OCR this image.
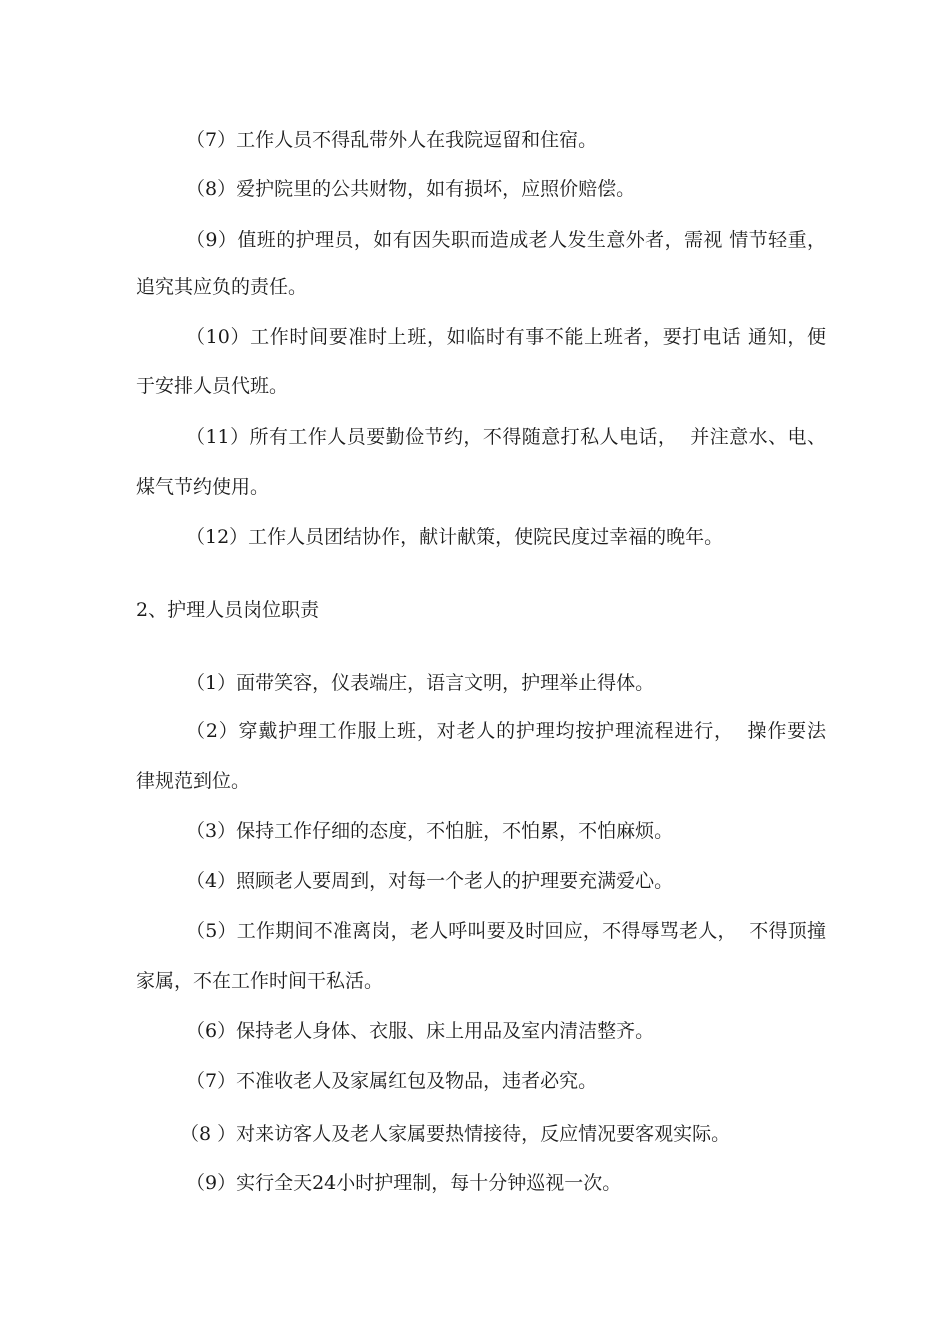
（7）工作人员不得乱带外人在我院逗留和住宿。
（8）爱护院里的公共财物，如有损坏，应照价赔偿。
（9）值班的护理员，如有因失职而造成老人发生意外者，需视 情节轻重，
追究其应负的责任。
（10）工作时间要准时上班，如临时有事不能上班者，要打电话 通知，便
于安排人员代班。
（11）所有工作人员要勤俭节约，不得随意打私人电话，  并注意水、电、
煤气节约使用。
（12）工作人员团结协作，献计献策，使院民度过幸福的晚年。
2、护理人员岗位职责
（1）面带笑容，仪表端庄，语言文明，护理举止得体。
（2）穿戴护理工作服上班，对老人的护理均按护理流程进行，  操作要法
律规范到位。
（3）保持工作仔细的态度，不怕脏，不怕累，不怕麻烦。
（4）照顾老人要周到，对每一个老人的护理要充满爱心。
（5）工作期间不准离岗，老人呼叫要及时回应，不得辱骂老人，  不得顶撞
家属，不在工作时间干私活。
（6）保持老人身体、衣服、床上用品及室内清洁整齐。
（7）不准收老人及家属红包及物品，违者必究。
（8 ）对来访客人及老人家属要热情接待，反应情况要客观实际。
（9）实行全天24小时护理制，每十分钟巡视一次。
